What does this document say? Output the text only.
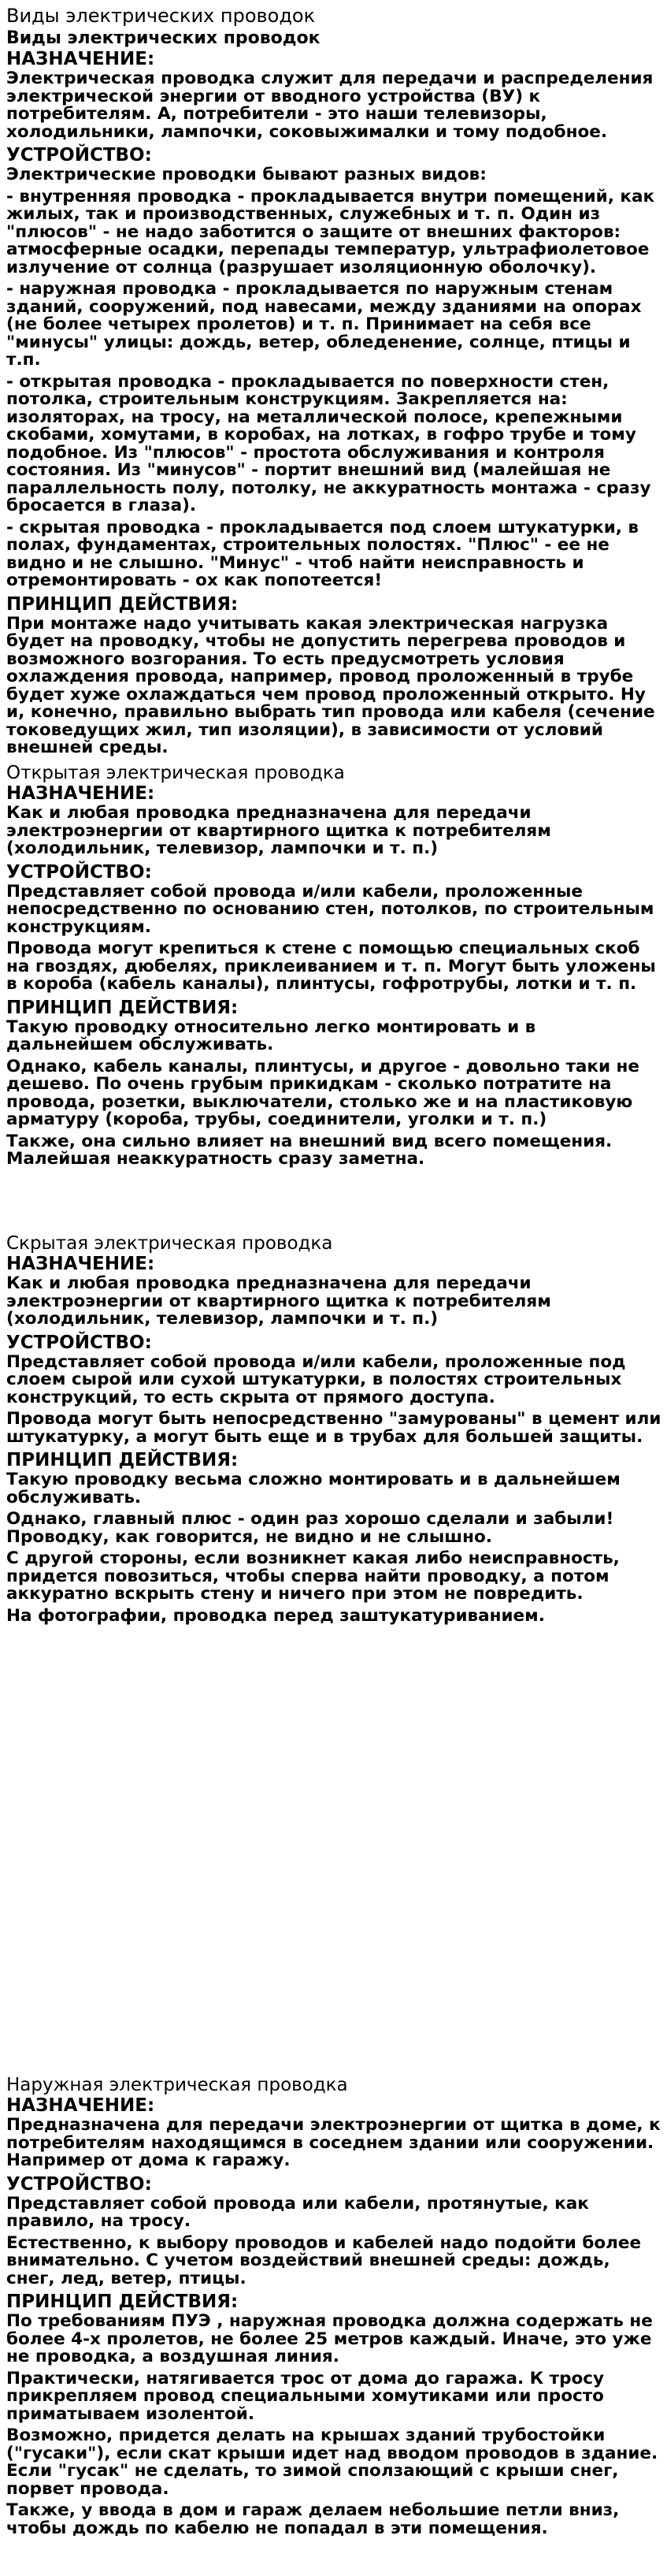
Виды электрических проводок
Виды электрических проводок
НАЗНАЧЕНИЕ:

Электрическая проводка служит для передачи и распределения электрической энергии от вводного устройства (ВУ) к потребителям. А, потребители - это наши телевизоры, холодильники, лампочки, соковыжималки и тому подобное.

УСТРОЙСТВО:

Электрические проводки бывают разных видов:

- внутренняя проводка - прокладывается внутри помещений, как жилых, так и производственных, служебных и т. п. Один из "плюсов" - не надо заботится о защите от внешних факторов: атмосферные осадки, перепады температур, ультрафиолетовое излучение от солнца (разрушает изоляционную оболочку).

- наружная проводка - прокладывается по наружным стенам зданий, сооружений, под навесами, между зданиями на опорах (не более четырех пролетов) и т. п. Принимает на себя все "минусы" улицы: дождь, ветер, обледенение, солнце, птицы и т.п.

- открытая проводка - прокладывается по поверхности стен, потолка, строительным конструкциям. Закрепляется на: изоляторах, на тросу, на металлической полосе, крепежными скобами, хомутами, в коробах, на лотках, в гофро трубе и тому подобное. Из "плюсов" - простота обслуживания и контроля состояния. Из "минусов" - портит внешний вид (малейшая не параллельность полу, потолку, не аккуратность монтажа - сразу бросается в глаза).

- скрытая проводка - прокладывается под слоем штукатурки, в полах, фундаментах, строительных полостях. "Плюс" - ее не видно и не слышно. "Минус" - чтоб найти неисправность и отремонтировать - ох как попотеется!

ПРИНЦИП ДЕЙСТВИЯ:

При монтаже надо учитывать какая электрическая нагрузка будет на проводку, чтобы не допустить перегрева проводов и возможного возгорания. То есть предусмотреть условия охлаждения провода, например, провод проложенный в трубе будет хуже охлаждаться чем провод проложенный открыто. Ну и, конечно, правильно выбрать тип провода или кабеля (сечение токоведущих жил, тип изоляции), в зависимости от условий внешней среды.

Открытая электрическая проводка
НАЗНАЧЕНИЕ:

Как и любая проводка предназначена для передачи электроэнергии от квартирного щитка к потребителям (холодильник, телевизор, лампочки и т. п.)

УСТРОЙСТВО:

Представляет собой провода и/или кабели, проложенные непосредственно по основанию стен, потолков, по строительным конструкциям.

Провода могут крепиться к стене с помощью специальных скоб на гвоздях, дюбелях, приклеиванием и т. п. Могут быть уложены в короба (кабель каналы), плинтусы, гофротрубы, лотки и т. п.

ПРИНЦИП ДЕЙСТВИЯ:

Такую проводку относительно легко монтировать и в дальнейшем обслуживать.

Однако, кабель каналы, плинтусы, и другое - довольно таки не дешево. По очень грубым прикидкам - сколько потратите на провода, розетки, выключатели, столько же и на пластиковую арматуру (короба, трубы, соединители, уголки и т. п.)

Также, она сильно влияет на внешний вид всего помещения. Малейшая неаккуратность сразу заметна.

Скрытая электрическая проводка
НАЗНАЧЕНИЕ:

Как и любая проводка предназначена для передачи электроэнергии от квартирного щитка к потребителям (холодильник, телевизор, лампочки и т. п.)

УСТРОЙСТВО:

Представляет собой провода и/или кабели, проложенные под слоем сырой или сухой штукатурки, в полостях строительных конструкций, то есть скрыта от прямого доступа.

Провода могут быть непосредственно "замурованы" в цемент или штукатурку, а могут быть еще и в трубах для большей защиты.

ПРИНЦИП ДЕЙСТВИЯ:

Такую проводку весьма сложно монтировать и в дальнейшем обслуживать.

Однако, главный плюс - один раз хорошо сделали и забыли! Проводку, как говорится, не видно и не слышно.

С другой стороны, если возникнет какая либо неисправность, придется повозиться, чтобы сперва найти проводку, а потом аккуратно вскрыть стену и ничего при этом не повредить.

На фотографии, проводка перед заштукатуриванием.

Наружная электрическая проводка
НАЗНАЧЕНИЕ:

Предназначена для передачи электроэнергии от щитка в доме, к потребителям находящимся в соседнем здании или сооружении. Например от дома к гаражу.

УСТРОЙСТВО:

Представляет собой провода или кабели, протянутые, как правило, на тросу.

Естественно, к выбору проводов и кабелей надо подойти более внимательно. С учетом воздействий внешней среды: дождь, снег, лед, ветер, птицы.

ПРИНЦИП ДЕЙСТВИЯ:

По требованиям ПУЭ , наружная проводка должна содержать не более 4-х пролетов, не более 25 метров каждый. Иначе, это уже не проводка, а воздушная линия.

Практически, натягивается трос от дома до гаража. К тросу прикрепляем провод специальными хомутиками или просто приматываем изолентой.

Возможно, придется делать на крышах зданий трубостойки ("гусаки"), если скат крыши идет над вводом проводов в здание. Если "гусак" не сделать, то зимой сползающий с крыши снег, порвет провода.

Также, у ввода в дом и гараж делаем небольшие петли вниз, чтобы дождь по кабелю не попадал в эти помещения.
